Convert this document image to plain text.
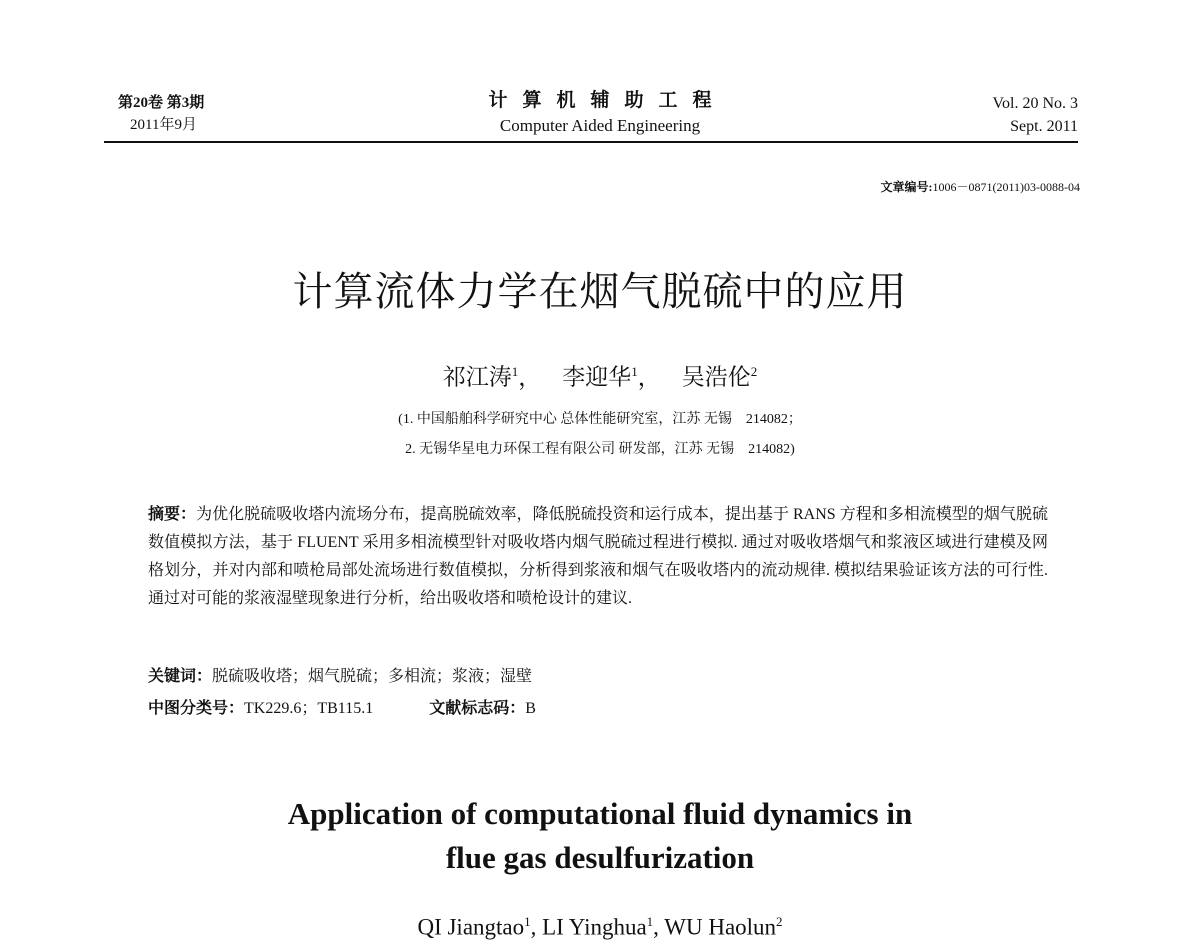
第20卷 第3期
2011年9月
计算机辅助工程
Computer Aided Engineering
Vol. 20 No. 3
Sept. 2011
文章编号:1006－0871(2011)03-0088-04
计算流体力学在烟气脱硫中的应用
祁江涛$^1$， 李迎华$^1$， 吴浩伦$^2$
(1. 中国船舶科学研究中心 总体性能研究室，江苏 无锡　214082；
2. 无锡华星电力环保工程有限公司 研发部，江苏 无锡　214082)
摘要：为优化脱硫吸收塔内流场分布，提高脱硫效率，降低脱硫投资和运行成本，提出基于 RANS 方程和多相流模型的烟气脱硫数值模拟方法，基于 FLUENT 采用多相流模型针对吸收塔内烟气脱硫过程进行模拟. 通过对吸收塔烟气和浆液区域进行建模及网格划分，并对内部和喷枪局部处流场进行数值模拟，分析得到浆液和烟气在吸收塔内的流动规律. 模拟结果验证该方法的可行性. 通过对可能的浆液湿壁现象进行分析，给出吸收塔和喷枪设计的建议.
关键词：脱硫吸收塔；烟气脱硫；多相流；浆液；湿壁
中图分类号：TK229.6；TB115.1	文献标志码：B
Application of computational fluid dynamics in
flue gas desulfurization
QI Jiangtao$^1$, LI Yinghua$^1$, WU Haolun$^2$
